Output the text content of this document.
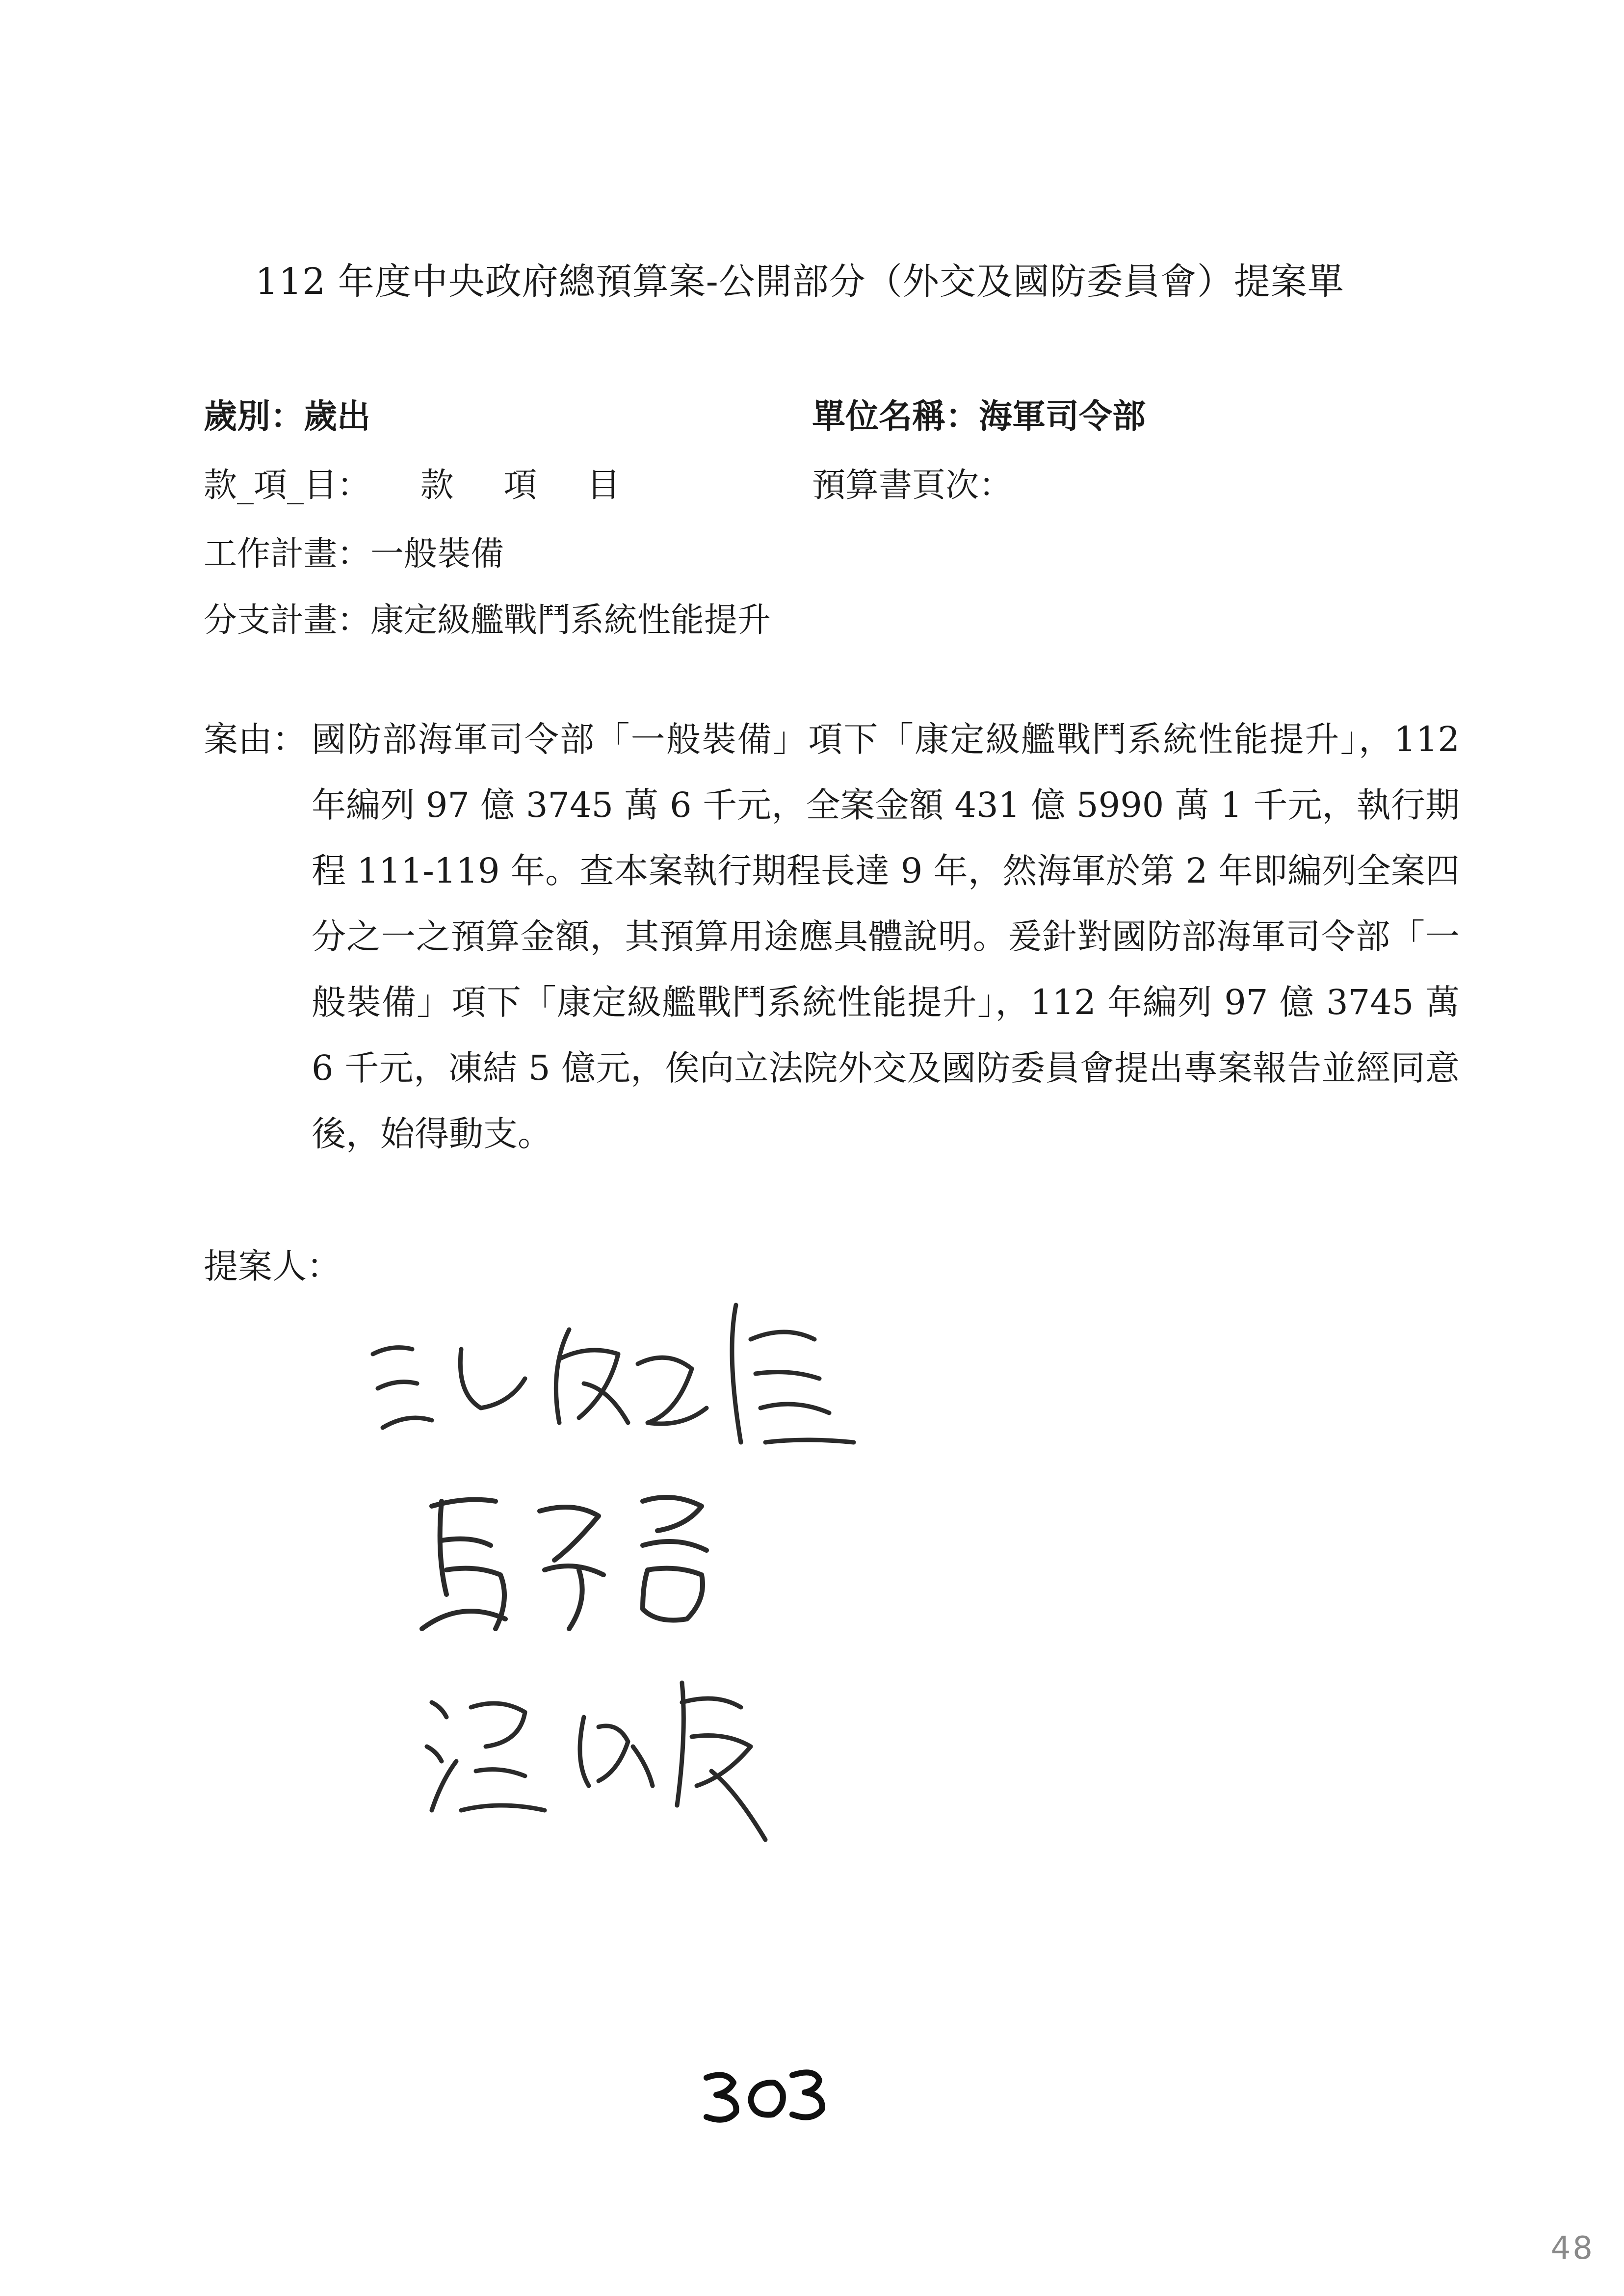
112 年度中央政府總預算案-公開部分（外交及國防委員會）提案單
歲別：歲出	單位名稱：海軍司令部
款_項_目： 款 項 目	預算書頁次：
工作計畫：一般裝備
分支計畫：康定級艦戰鬥系統性能提升
案由： 國防部海軍司令部「一般裝備」項下「康定級艦戰鬥系統性能提升」，112 年編列 97 億 3745 萬 6 千元，全案金額 431 億 5990 萬 1 千元，執行期程 111-119 年。查本案執行期程長達 9 年，然海軍於第 2 年即編列全案四分之一之預算金額，其預算用途應具體說明。爰針對國防部海軍司令部「一般裝備」項下「康定級艦戰鬥系統性能提升」，112 年編列 97 億 3745 萬 6 千元，凍結 5 億元，俟向立法院外交及國防委員會提出專案報告並經同意後，始得動支。
提案人：
48
